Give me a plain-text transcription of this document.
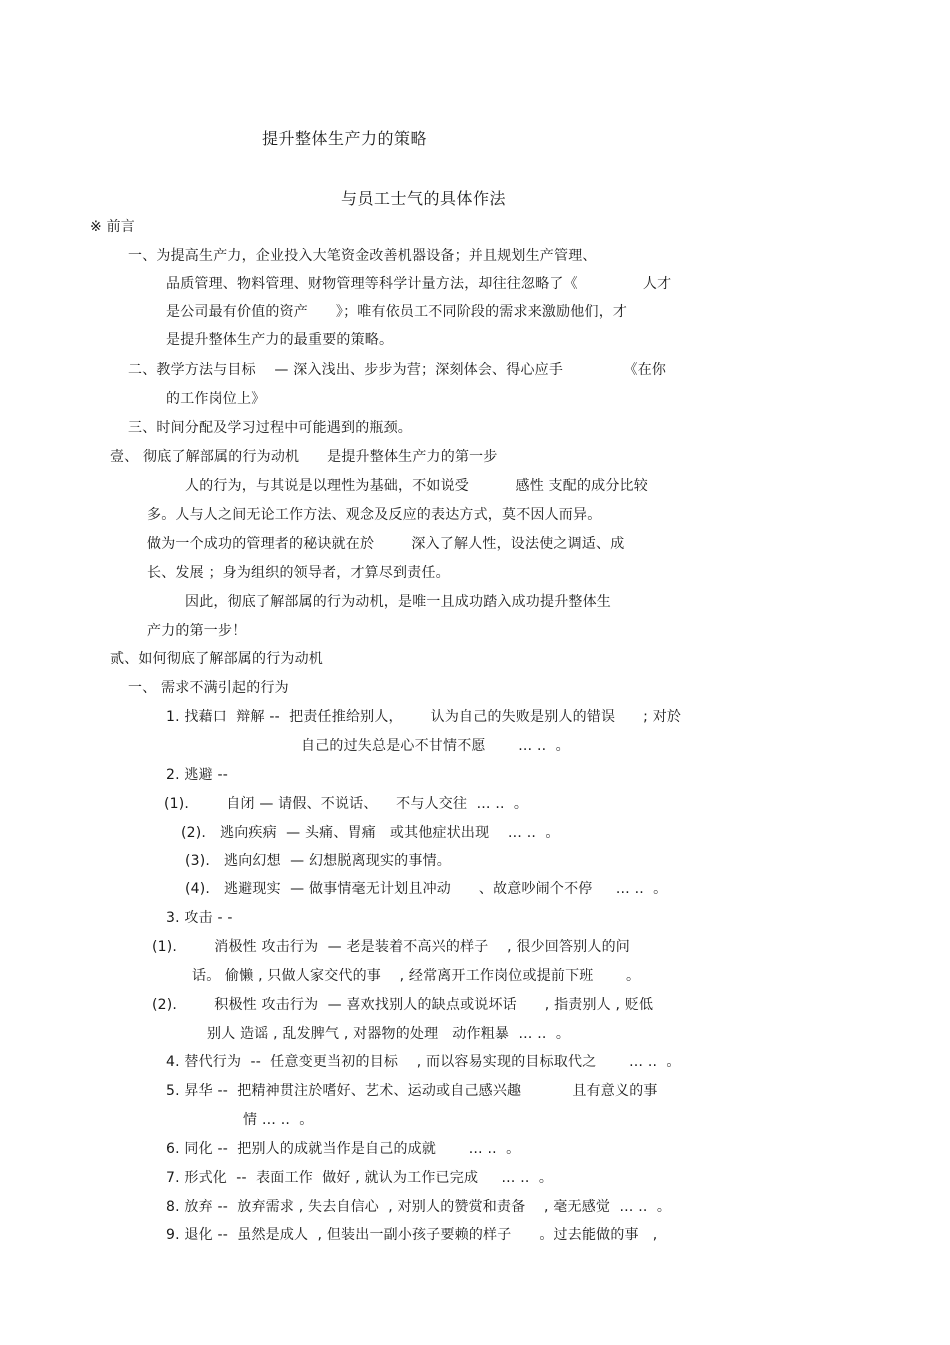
提升整体生产力的策略
与员工士气的具体作法
※ 前言
一、为提高生产力，企业投入大笔资金改善机器设备；并且规划生产管理、
品质管理、物料管理、财物管理等科学计量方法，却往往忽略了《              人才
是公司最有价值的资产      》；唯有依员工不同阶段的需求来激励他们，才
是提升整体生产力的最重要的策略。
二、教学方法与目标    — 深入浅出、步步为营；深刻体会、得心应手             《在你
的工作岗位上》
三、时间分配及学习过程中可能遇到的瓶颈。
壹、 彻底了解部属的行为动机      是提升整体生产力的第一步
人的行为，与其说是以理性为基础，不如说受          感性 支配的成分比较
多。人与人之间无论工作方法、观念及反应的表达方式，莫不因人而异。
做为一个成功的管理者的秘诀就在於        深入了解人性，设法使之调适、成
长、发展 ；身为组织的领导者，才算尽到责任。
因此，彻底了解部属的行为动机，是唯一且成功踏入成功提升整体生
产力的第一步！
贰、如何彻底了解部属的行为动机
一、 需求不满引起的行为
1. 找藉口  辩解 --  把责任推给别人，      认为自己的失败是别人的错误      ; 对於
自己的过失总是心不甘情不愿       … ..  。
2. 逃避 --
(1).        自闭 — 请假、不说话、    不与人交往  … ..  。
(2).   逃向疾病  — 头痛、胃痛   或其他症状出现    … ..  。
(3).   逃向幻想  — 幻想脱离现实的事情。
(4).   逃避现实  — 做事情毫无计划且冲动      、故意吵闹个不停     … ..  。
3. 攻击 - -
(1).        消极性 攻击行为  — 老是装着不高兴的样子    , 很少回答别人的问
话。 偷懒 , 只做人家交代的事    , 经常离开工作岗位或提前下班       。
(2).        积极性 攻击行为  — 喜欢找别人的缺点或说坏话      , 指责别人 , 贬低
别人 造谣 , 乱发脾气 , 对器物的处理   动作粗暴  … ..  。
4. 替代行为  --  任意变更当初的目标    , 而以容易实现的目标取代之       … ..  。
5. 昇华 --  把精神贯注於嗜好、艺术、运动或自己感兴趣           且有意义的事
情 … ..  。
6. 同化 --  把别人的成就当作是自己的成就       … ..  。
7. 形式化  --  表面工作  做好 , 就认为工作已完成     … ..  。
8. 放弃 --  放弃需求 , 失去自信心  , 对别人的赞赏和责备    , 毫无感觉  … ..  。
9. 退化 --  虽然是成人  , 但装出一副小孩子要赖的样子      。过去能做的事   ,
